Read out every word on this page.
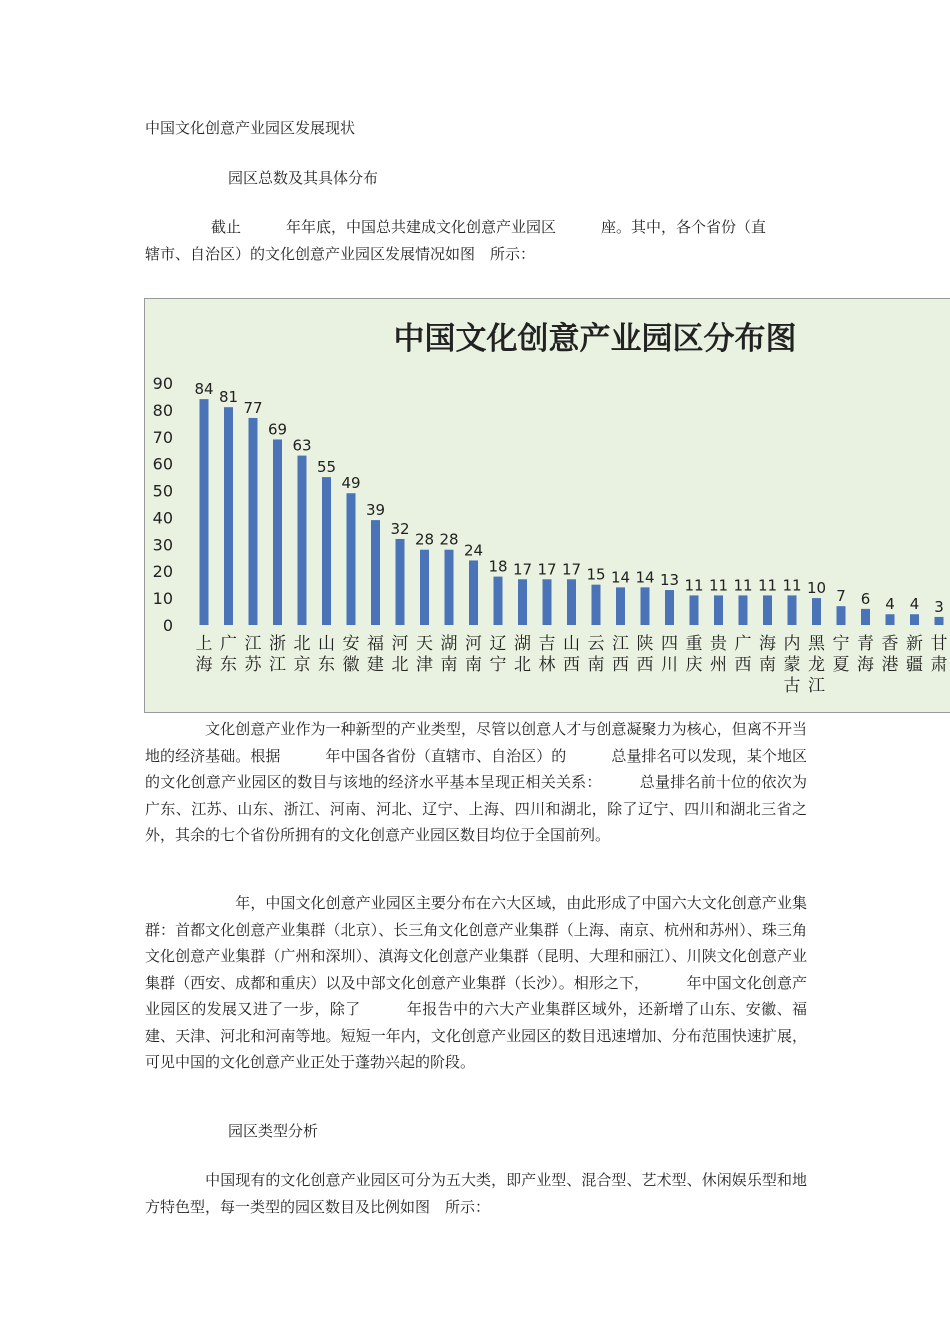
中国文化创意产业园区发展现状
园区总数及其具体分布
截止　　　年年底，中国总共建成文化创意产业园区　　　座。其中，各个省份（直
辖市、自治区）的文化创意产业园区发展情况如图　所示：
中国文化创意产业园区分布图
0
10
20
30
40
50
60
70
80
90 84
上
海
81
广
东
77
江
苏
69
浙
江
63
北
京
55
山
东
49
安
徽
39
福
建
32
河
北
28
天
津
28
湖
南
24
河
南
18
辽
宁
17
湖
北
17
吉
林
17
山
西
15
云
南
14
江
西
14
陕
西
13
四
川
11
重
庆
11
贵
州
11
广
西
11
海
南
11
内
蒙
古
10
黑
龙
江
7
宁
夏
6
青
海
4
香
港
4
新
疆
3
甘
肃

　　　　文化创意产业作为一种新型的产业类型，尽管以创意人才与创意凝聚力为核心，但离不开当地的经济基础。根据　　　年中国各省份（直辖市、自治区）的　　　总量排名可以发现，某个地区的文化创意产业园区的数目与该地的经济水平基本呈现正相关关系：　　　总量排名前十位的依次为广东、江苏、山东、浙江、河南、河北、辽宁、上海、四川和湖北，除了辽宁、四川和湖北三省之外，其余的七个省份所拥有的文化创意产业园区数目均位于全国前列。

　　　　　　年，中国文化创意产业园区主要分布在六大区域，由此形成了中国六大文化创意产业集群：首都文化创意产业集群（北京）、长三角文化创意产业集群（上海、南京、杭州和苏州）、珠三角文化创意产业集群（广州和深圳）、滇海文化创意产业集群（昆明、大理和丽江）、川陕文化创意产业集群（西安、成都和重庆）以及中部文化创意产业集群（长沙）。相形之下，　　　年中国文化创意产业园区的发展又进了一步，除了　　　年报告中的六大产业集群区域外，还新增了山东、安徽、福建、天津、河北和河南等地。短短一年内，文化创意产业园区的数目迅速增加、分布范围快速扩展，可见中国的文化创意产业正处于蓬勃兴起的阶段。

园区类型分析

　　　　中国现有的文化创意产业园区可分为五大类，即产业型、混合型、艺术型、休闲娱乐型和地方特色型，每一类型的园区数目及比例如图　所示：
